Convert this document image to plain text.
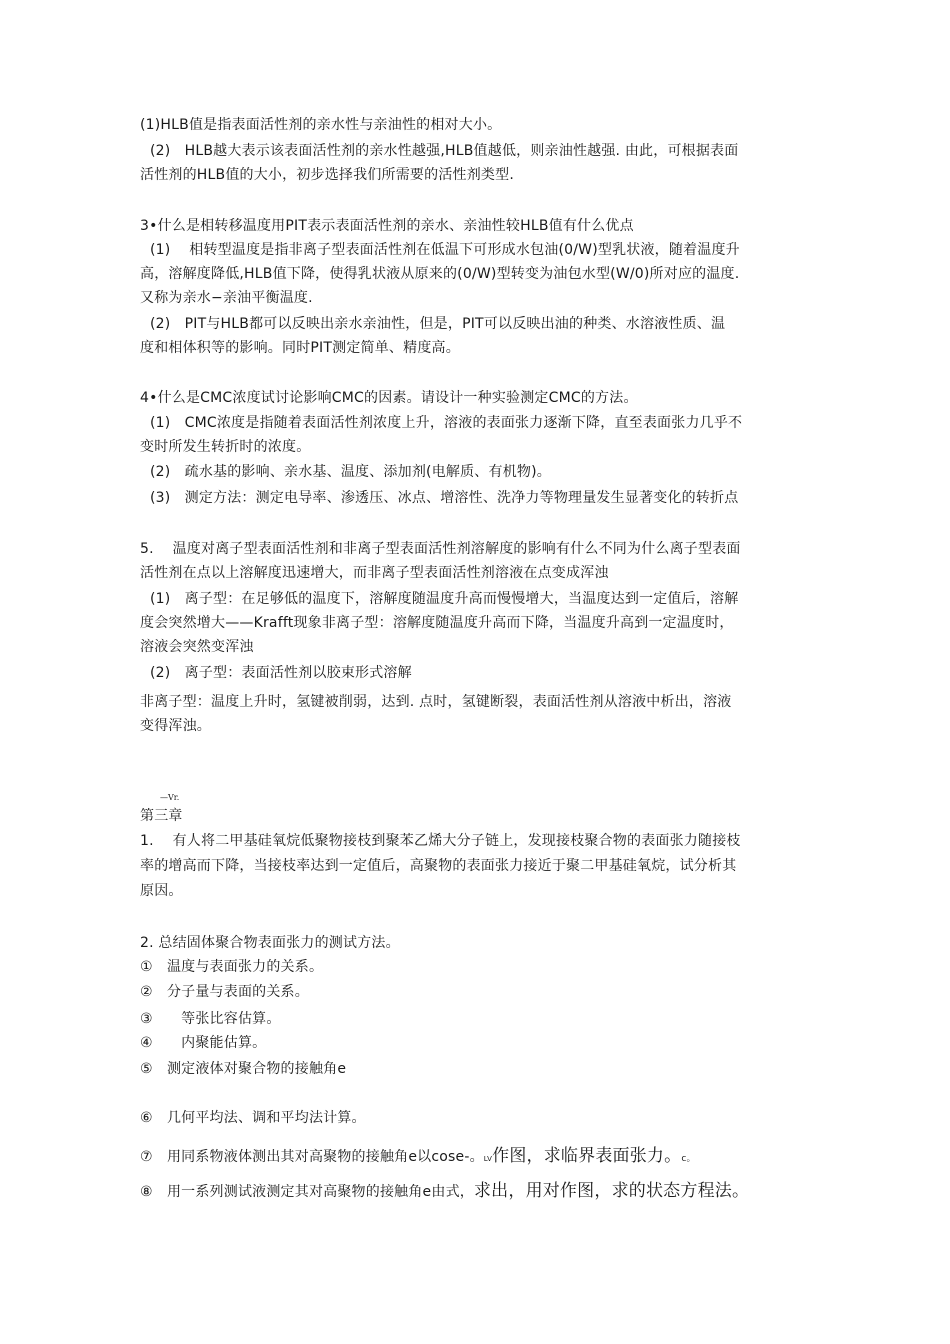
(1)HLB值是指表面活性剂的亲水性与亲油性的相对大小。
(2)　HLB越大表示该表面活性剂的亲水性越强,HLB值越低，则亲油性越强. 由此，可根据表面
活性剂的HLB值的大小，初步选择我们所需要的活性剂类型.
3•什么是相转移温度用PIT表示表面活性剂的亲水、亲油性较HLB值有什么优点
(1)　 相转型温度是指非离子型表面活性剂在低温下可形成水包油(0/W)型乳状液，随着温度升
高，溶解度降低,HLB值下降，使得乳状液从原来的(0/W)型转变为油包水型(W/0)所对应的温度.
又称为亲水−亲油平衡温度.
(2)　PIT与HLB都可以反映出亲水亲油性，但是，PIT可以反映出油的种类、水溶液性质、温
度和相体积等的影响。同时PIT测定简单、精度高。
4•什么是CMC浓度试讨论影响CMC的因素。请设计一种实验测定CMC的方法。
(1)　CMC浓度是指随着表面活性剂浓度上升，溶液的表面张力逐渐下降，直至表面张力几乎不
变时所发生转折时的浓度。
(2)　疏水基的影响、亲水基、温度、添加剂(电解质、有机物)。
(3)　测定方法：测定电导率、渗透压、冰点、增溶性、洗净力等物理量发生显著变化的转折点
5.　 温度对离子型表面活性剂和非离子型表面活性剂溶解度的影响有什么不同为什么离子型表面
活性剂在点以上溶解度迅速增大，而非离子型表面活性剂溶液在点变成浑浊
(1)　离子型：在足够低的温度下，溶解度随温度升高而慢慢增大，当温度达到一定值后，溶解
度会突然增大——Krafft现象非离子型：溶解度随温度升高而下降，当温度升高到一定温度时，
溶液会突然变浑浊
(2)　离子型：表面活性剂以胶束形式溶解
非离子型：温度上升时，氢键被削弱，达到. 点时，氢键断裂，表面活性剂从溶液中析出，溶液
变得浑浊。
—Vr.
第三章
1.　 有人将二甲基硅氧烷低聚物接枝到聚苯乙烯大分子链上，发现接枝聚合物的表面张力随接枝
率的增高而下降，当接枝率达到一定值后，高聚物的表面张力接近于聚二甲基硅氧烷，试分析其
原因。
2. 总结固体聚合物表面张力的测试方法。
①　温度与表面张力的关系。
②　分子量与表面的关系。
③　　等张比容估算。
④　　内聚能估算。
⑤　测定液体对聚合物的接触角e
⑥　几何平均法、调和平均法计算。
⑦　用同系物液体测出其对高聚物的接触角e以cose-。LV作图，求临界表面张力。c。
⑧　用一系列测试液测定其对高聚物的接触角e由式，求出，用对作图，求的状态方程法。
